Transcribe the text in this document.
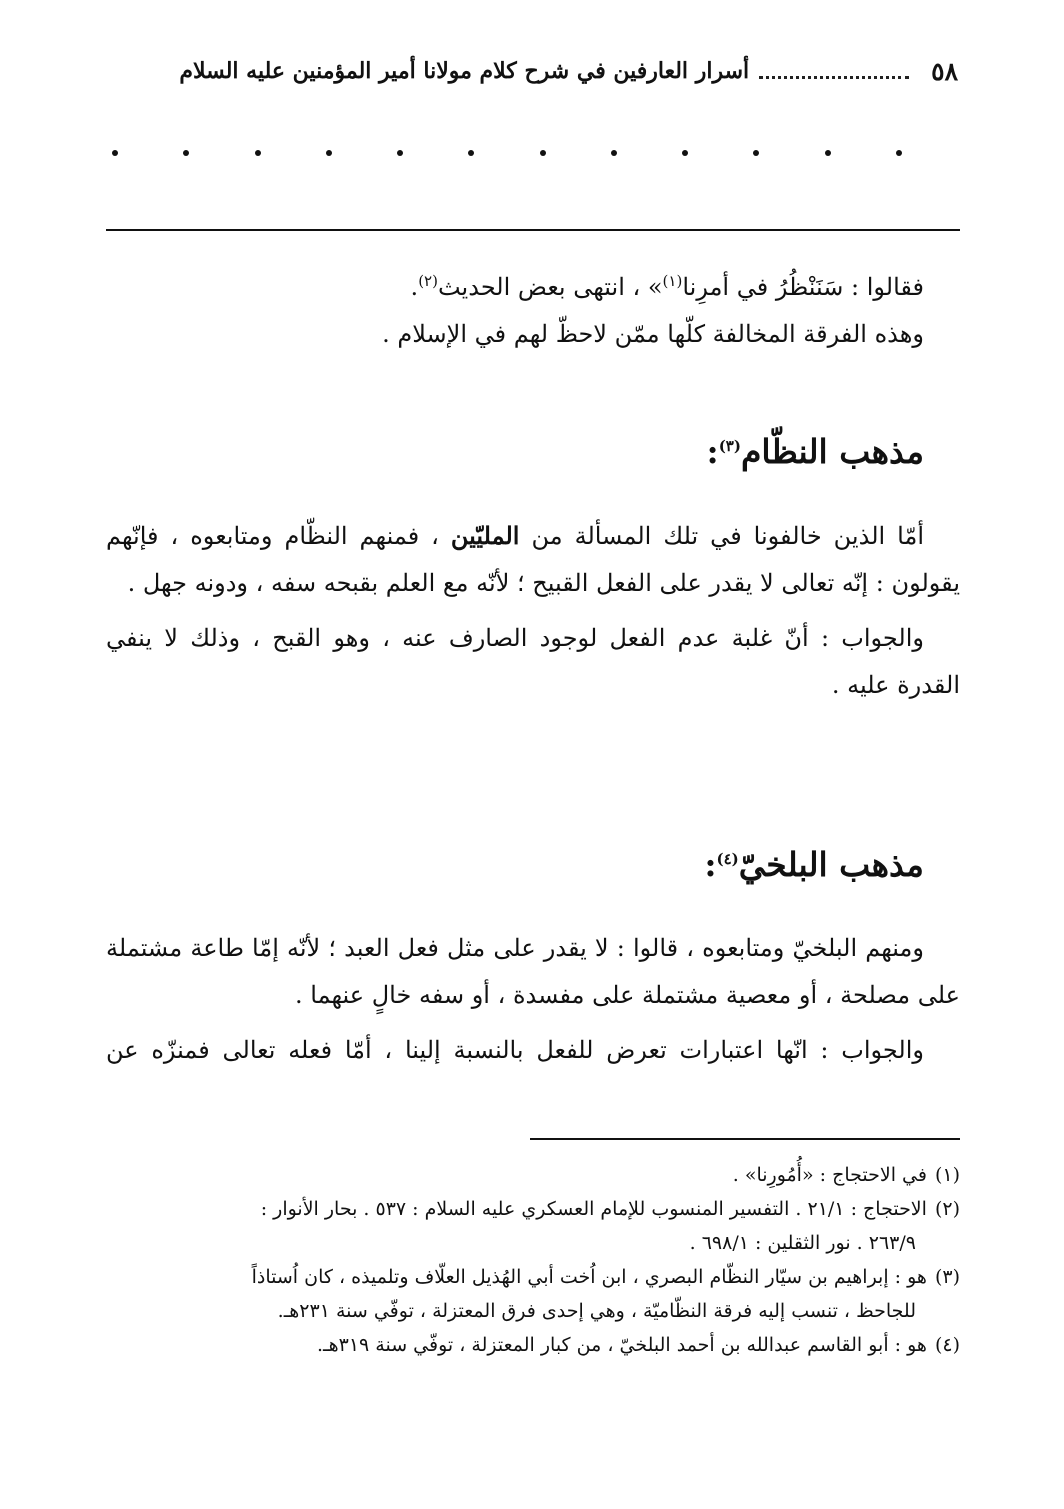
٥٨
أسرار العارفين في شرح كلام مولانا أمير المؤمنين عليه السلام

فقالوا : سَنَنْظُرُ في أمرِنا$^{(١)}$» ، انتهى بعض الحديث$^{(٢)}$.

وهذه الفرقة المخالفة كلّها ممّن لاحظّ لهم في الإسلام .

مذهب النظّام$^{(٣)}$:

أمّا الذين خالفونا في تلك المسألة من المليّين ، فمنهم النظّام ومتابعوه ، فإنّهم يقولون : إنّه تعالى لا يقدر على الفعل القبيح ؛ لأنّه مع العلم بقبحه سفه ، ودونه جهل .

والجواب : أنّ غلبة عدم الفعل لوجود الصارف عنه ، وهو القبح ، وذلك لا ينفي القدرة عليه .

مذهب البلخيّ$^{(٤)}$:

ومنهم البلخيّ ومتابعوه ، قالوا : لا يقدر على مثل فعل العبد ؛ لأنّه إمّا طاعة مشتملة على مصلحة ، أو معصية مشتملة على مفسدة ، أو سفه خالٍ عنهما .

والجواب : انّها اعتبارات تعرض للفعل بالنسبة إلينا ، أمّا فعله تعالى فمنزّه عن

(١)في الاحتجاج : «أُمُورِنا» .

(٢)الاحتجاج : ٢١/١ . التفسير المنسوب للإمام العسكري عليه السلام : ٥٣٧ . بحار الأنوار :

٢٦٣/٩ . نور الثقلين : ٦٩٨/١ .

(٣)هو : إبراهيم بن سيّار النظّام البصري ، ابن اُخت أبي الهُذيل العلّاف وتلميذه ، كان اُستاذاً

للجاحظ ، تنسب إليه فرقة النظّاميّة ، وهي إحدى فرق المعتزلة ، توفّي سنة ٢٣١هـ.

(٤)هو : أبو القاسم عبدالله بن أحمد البلخيّ ، من كبار المعتزلة ، توفّي سنة ٣١٩هـ.
